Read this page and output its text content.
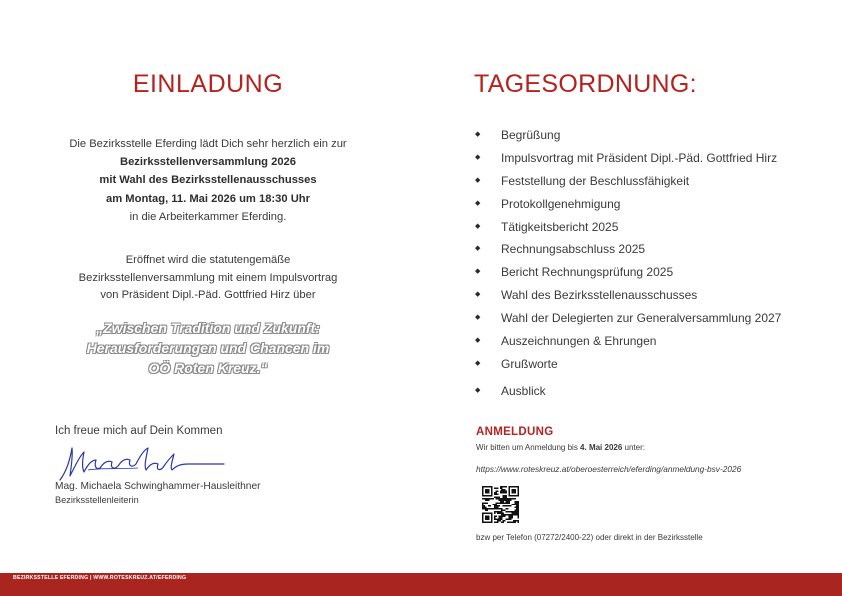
EINLADUNG
Die Bezirksstelle Eferding lädt Dich sehr herzlich ein zur
Bezirksstellenversammlung 2026
mit Wahl des Bezirksstellenausschusses
am Montag, 11. Mai 2026 um 18:30 Uhr
in die Arbeiterkammer Eferding.
Eröffnet wird die statutengemäße
Bezirksstellenversammlung mit einem Impulsvortrag
von Präsident Dipl.-Päd. Gottfried Hirz über
„Zwischen Tradition und Zukunft:
Herausforderungen und Chancen im
OÖ Roten Kreuz.“
Ich freue mich auf Dein Kommen
Mag. Michaela Schwinghammer-Hausleithner
Bezirksstellenleiterin
TAGESORDNUNG:
◆ Begrüßung
◆ Impulsvortrag mit Präsident Dipl.-Päd. Gottfried Hirz
◆ Feststellung der Beschlussfähigkeit
◆ Protokollgenehmigung
◆ Tätigkeitsbericht 2025
◆ Rechnungsabschluss 2025
◆ Bericht Rechnungsprüfung 2025
◆ Wahl des Bezirksstellenausschusses
◆ Wahl der Delegierten zur Generalversammlung 2027
◆ Auszeichnungen & Ehrungen
◆ Grußworte
◆ Ausblick
ANMELDUNG
Wir bitten um Anmeldung bis 4. Mai 2026 unter:
https://www.roteskreuz.at/oberoesterreich/eferding/anmeldung-bsv-2026
bzw per Telefon (07272/2400-22) oder direkt in der Bezirksstelle
BEZIRKSSTELLE EFERDING | WWW.ROTESKREUZ.AT/EFERDING
